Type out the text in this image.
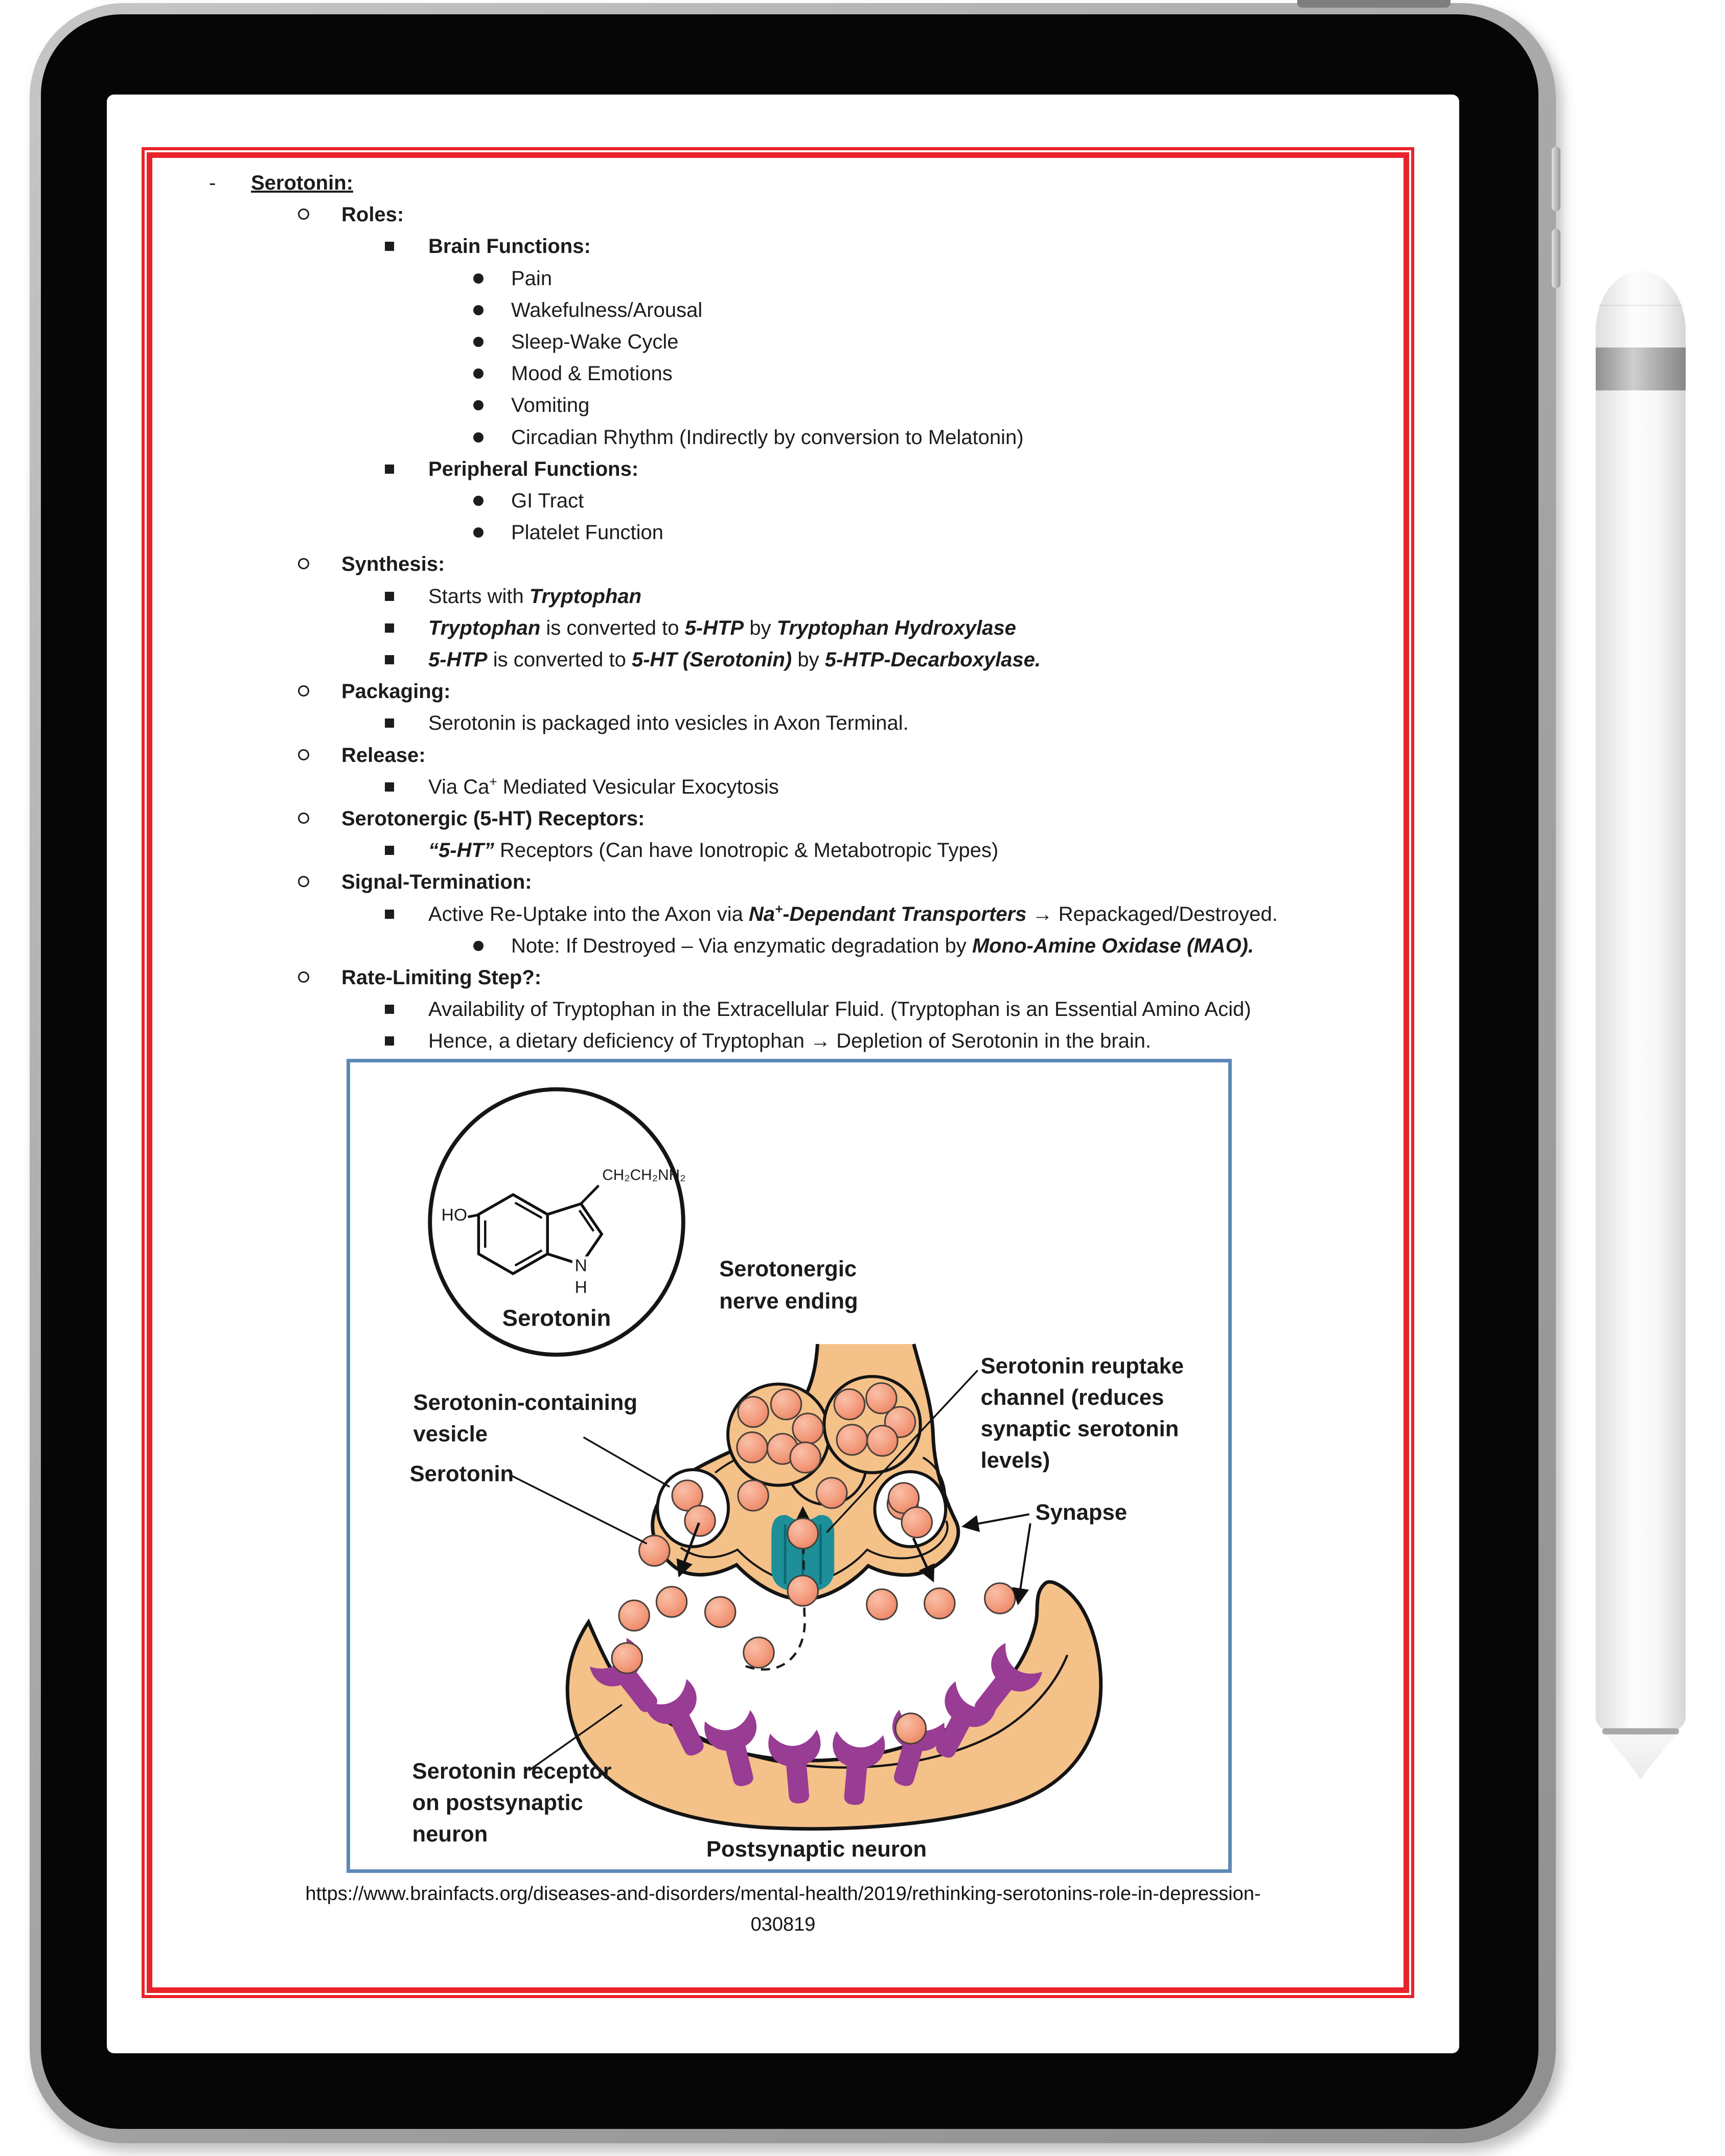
- Serotonin:
Roles:
Brain Functions:
Pain
Wakefulness/Arousal
Sleep-Wake Cycle
Mood & Emotions
Vomiting
Circadian Rhythm (Indirectly by conversion to Melatonin)
Peripheral Functions:
GI Tract
Platelet Function
Synthesis:
Starts with Tryptophan
Tryptophan is converted to 5-HTP by Tryptophan Hydroxylase
5-HTP is converted to 5-HT (Serotonin) by 5-HTP-Decarboxylase.
Packaging:
Serotonin is packaged into vesicles in Axon Terminal.
Release:
Via Ca+ Mediated Vesicular Exocytosis
Serotonergic (5-HT) Receptors:
“5-HT” Receptors (Can have Ionotropic & Metabotropic Types)
Signal-Termination:
Active Re-Uptake into the Axon via Na+-Dependant Transporters → Repackaged/Destroyed.
Note: If Destroyed – Via enzymatic degradation by Mono-Amine Oxidase (MAO).
Rate-Limiting Step?:
Availability of Tryptophan in the Extracellular Fluid. (Tryptophan is an Essential Amino Acid)
Hence, a dietary deficiency of Tryptophan → Depletion of Serotonin in the brain.
HO
N
H
CH₂CH₂NH₂
Serotonin
Serotonergic
nerve ending
Serotonin-containing
vesicle
Serotonin
Serotonin reuptake
channel (reduces
synaptic serotonin
levels)
Synapse
Serotonin receptor
on postsynaptic
neuron
Postsynaptic neuron
https://www.brainfacts.org/diseases-and-disorders/mental-health/2019/rethinking-serotonins-role-in-depression-
030819
